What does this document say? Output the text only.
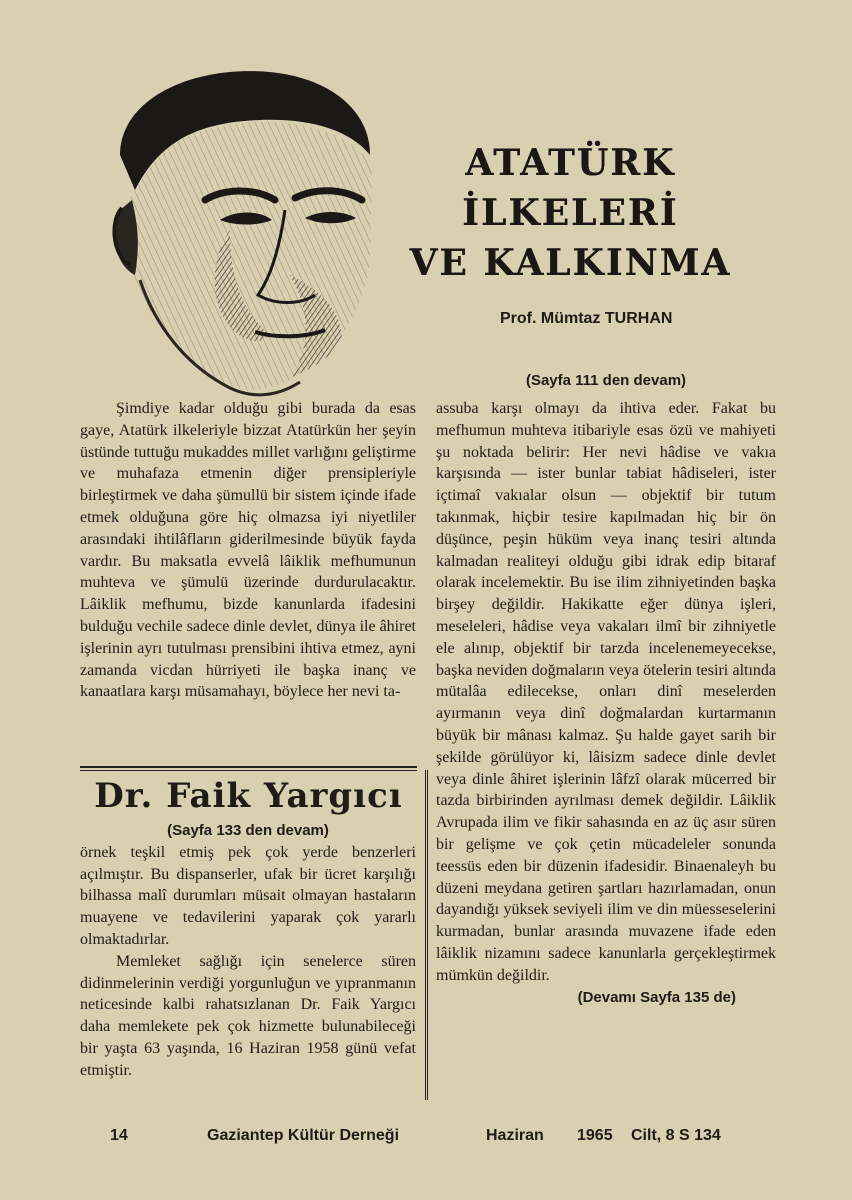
ATATÜRK İLKELERİ
VE KALKINMA
Prof. Mümtaz TURHAN
(Sayfa 111 den devam)

Şimdiye kadar olduğu gibi burada da esas gaye, Atatürk ilkeleriyle bizzat Atatürkün her şeyin üstünde tuttuğu mukaddes millet varlığını geliştirme ve muhafaza etmenin diğer prensipleriyle birleştirmek ve daha şümullü bir sistem içinde ifade etmek olduğuna göre hiç olmazsa iyi niyetliler arasındaki ihtilâfların giderilmesinde büyük fayda vardır. Bu maksatla evvelâ lâiklik mefhumunun muhteva ve şümulü üzerinde durdurulacaktır. Lâiklik mefhumu, bizde kanunlarda ifadesini bulduğu vechile sadece dinle devlet, dünya ile âhiret işlerinin ayrı tutulması prensibini ihtiva etmez, ayni zamanda vicdan hürriyeti ile başka inanç ve kanaatlara karşı müsamahayı, böylece her nevi ta-

assuba karşı olmayı da ihtiva eder. Fakat bu mefhumun muhteva itibariyle esas özü ve mahiyeti şu noktada belirir: Her nevi hâdise ve vakıa karşısında — ister bunlar tabiat hâdiseleri, ister içtimaî vakıalar olsun — objektif bir tutum takınmak, hiçbir tesire kapılmadan hiç bir ön düşünce, peşin hüküm veya inanç tesiri altında kalmadan realiteyi olduğu gibi idrak edip bitaraf olarak incelemektir. Bu ise ilim zihniyetinden başka birşey değildir. Hakikatte eğer dünya işleri, meseleleri, hâdise veya vakaları ilmî bir zihniyetle ele alınıp, objektif bir tarzda incelenemeyecekse, başka neviden doğmaların veya ötelerin tesiri altında mütalâa edilecekse, onları dinî meselerden ayırmanın veya dinî doğmalardan kurtarmanın büyük bir mânası kalmaz. Şu halde gayet sarih bir şekilde görülüyor ki, lâisizm sadece dinle devlet veya dinle âhiret işlerinin lâfzî olarak mücerred bir tazda birbirinden ayrılması demek değildir. Lâiklik Avrupada ilim ve fikir sahasında en az üç asır süren bir gelişme ve çok çetin mücadeleler sonunda teessüs eden bir düzenin ifadesidir. Binaenaleyh bu düzeni meydana getiren şartları hazırlamadan, onun dayandığı yüksek seviyeli ilim ve din müesseselerini kurmadan, bunlar arasında muvazene ifade eden lâiklik nizamını sadece kanunlarla gerçekleştirmek mümkün değildir.

(Devamı Sayfa 135 de)
Dr. Faik Yargıcı
(Sayfa 133 den devam)

örnek teşkil etmiş pek çok yerde benzerleri açılmıştır. Bu dispanserler, ufak bir ücret karşılığı bilhassa malî durumları müsait olmayan hastaların muayene ve tedavilerini yaparak çok yararlı olmaktadırlar.

Memleket sağlığı için senelerce süren didinmelerinin verdiği yorgunluğun ve yıpranmanın neticesinde kalbi rahatsızlanan Dr. Faik Yargıcı daha memlekete pek çok hizmette bulunabileceği bir yaşta 63 yaşında, 16 Haziran 1958 günü vefat etmiştir.

14	Gaziantep Kültür Derneği	Haziran 1965 Cilt, 8 S 134
